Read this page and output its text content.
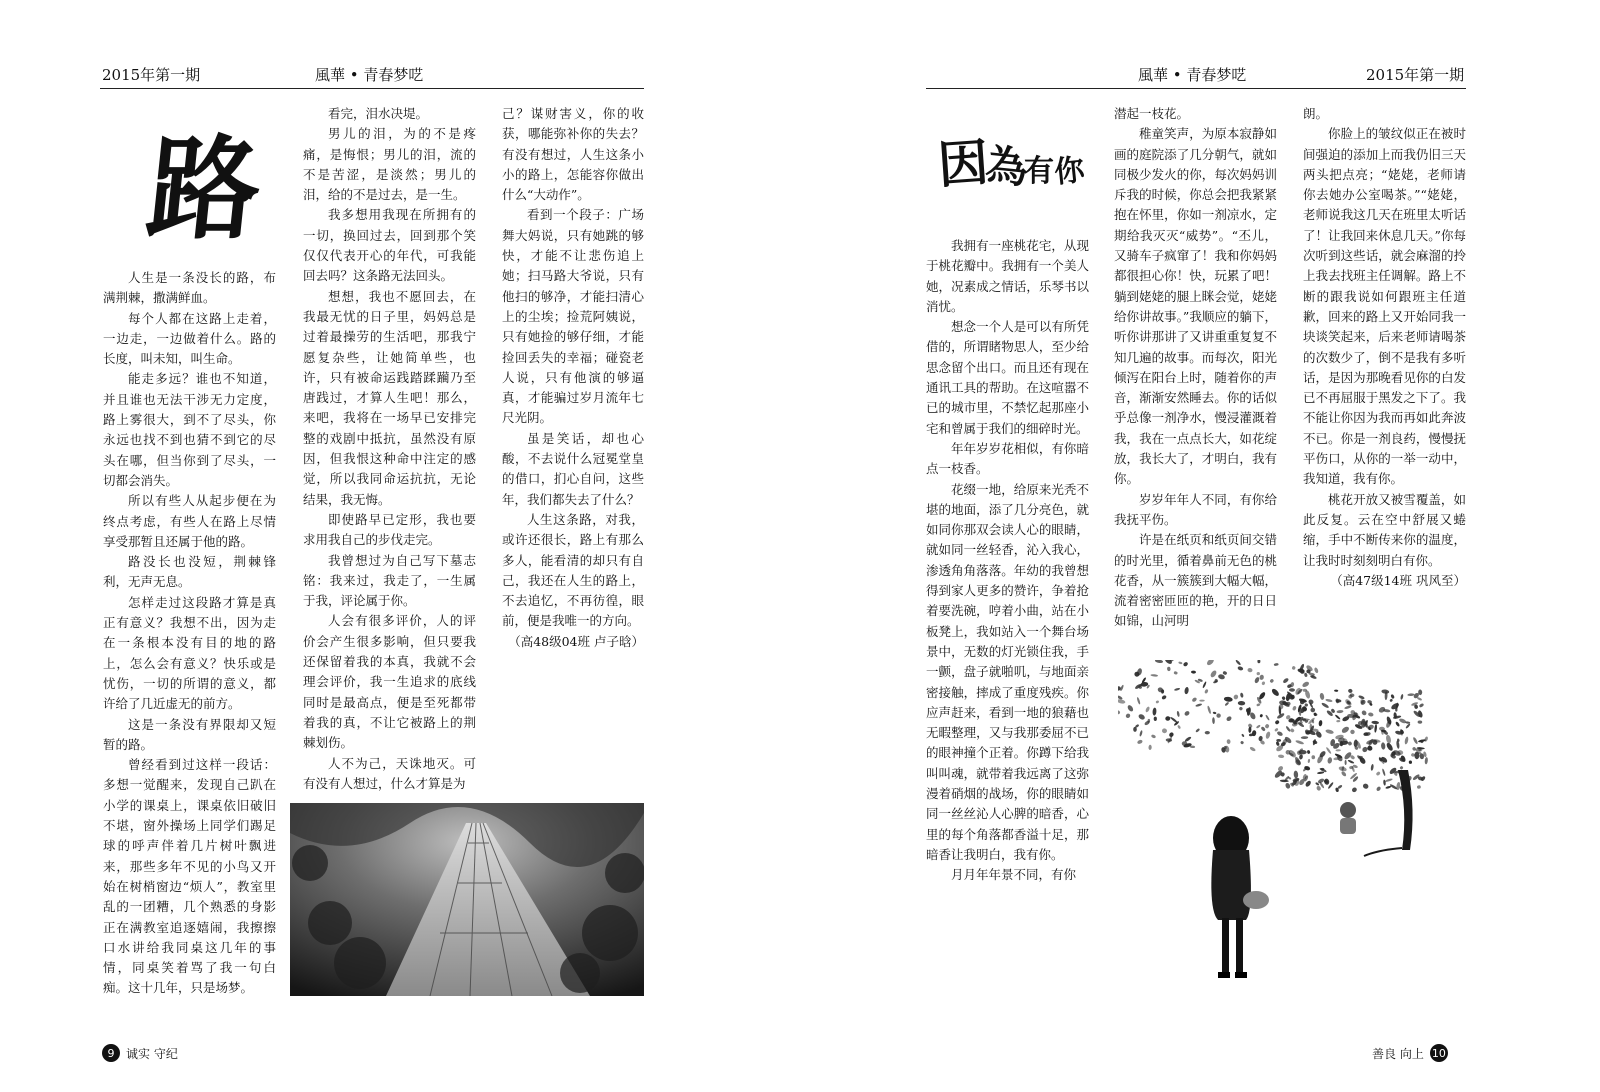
2015年第一期	風華 • 青春梦呓
路

人生是一条没长的路，布满荆棘，撒满鲜血。

每个人都在这路上走着，一边走，一边做着什么。路的长度，叫未知，叫生命。

能走多远？谁也不知道，并且谁也无法干涉无力定度，路上雾很大，到不了尽头，你永远也找不到也猜不到它的尽头在哪，但当你到了尽头，一切都会消失。

所以有些人从起步便在为终点考虑，有些人在路上尽情享受那暂且还属于他的路。

路没长也没短，荆棘锋利，无声无息。

怎样走过这段路才算是真正有意义？我想不出，因为走在一条根本没有目的地的路上，怎么会有意义？快乐或是忧伤，一切的所谓的意义，都许给了几近虚无的前方。

这是一条没有界限却又短暂的路。

曾经看到过这样一段话：多想一觉醒来，发现自己趴在小学的课桌上，课桌依旧破旧不堪，窗外操场上同学们踢足球的呼声伴着几片树叶飘进来，那些多年不见的小鸟又开始在树梢窗边“烦人”，教室里乱的一团糟，几个熟悉的身影正在满教室追逐嬉闹，我擦擦口水讲给我同桌这几年的事情，同桌笑着骂了我一句白痴。这十几年，只是场梦。

看完，泪水决堤。

男儿的泪，为的不是疼痛，是悔恨；男儿的泪，流的不是苦涩，是淡然；男儿的泪，给的不是过去，是一生。

我多想用我现在所拥有的一切，换回过去，回到那个笑仅仅代表开心的年代，可我能回去吗？这条路无法回头。

想想，我也不愿回去，在我最无忧的日子里，妈妈总是过着最操劳的生活吧，那我宁愿复杂些，让她简单些，也许，只有被命运践踏蹂躏乃至唐践过，才算人生吧！那么，来吧，我将在一场早已安排完整的戏剧中抵抗，虽然没有原因，但我恨这种命中注定的感觉，所以我同命运抗抗，无论结果，我无悔。

即使路早已定形，我也要求用我自己的步伐走完。

我曾想过为自己写下墓志铭：我来过，我走了，一生属于我，评论属于你。

人会有很多评价，人的评价会产生很多影响，但只要我还保留着我的本真，我就不会理会评价，我一生追求的底线同时是最高点，便是至死都带着我的真，不让它被路上的荆棘划伤。

人不为己，天诛地灭。可有没有人想过，什么才算是为

己？谋财害义，你的收获，哪能弥补你的失去？有没有想过，人生这条小小的路上，怎能容你做出什么“大动作”。

看到一个段子：广场舞大妈说，只有她跳的够快，才能不让悲伤追上她；扫马路大爷说，只有他扫的够净，才能扫清心上的尘埃；捡荒阿姨说，只有她捡的够仔细，才能捡回丢失的幸福；碰瓷老人说，只有他演的够逼真，才能骗过岁月流年七尺光阴。

虽是笑话，却也心酸，不去说什么冠冕堂皇的借口，扪心自问，这些年，我们都失去了什么？

人生这条路，对我，或许还很长，路上有那么多人，能看清的却只有自己，我还在人生的路上，不去追忆，不再彷徨，眼前，便是我唯一的方向。

（高48级04班 卢子晗）

9 诚实 守纪
風華 • 青春梦呓	2015年第一期
因為有你

我拥有一座桃花宅，从现于桃花瓣中。我拥有一个美人她，况素成之情话，乐琴书以消忧。

想念一个人是可以有所凭借的，所谓睹物思人，至少给思念留个出口。而且还有现在通讯工具的帮助。在这喧嚣不已的城市里，不禁忆起那座小宅和曾属于我们的细碎时光。

年年岁岁花相似，有你暗点一枝香。

花缀一地，给原来光秃不堪的地面，添了几分亮色，就如同你那双会读人心的眼睛，就如同一丝轻香，沁入我心，渗透角角落落。年幼的我曾想得到家人更多的赞许，争着抢着要洗碗，哼着小曲，站在小板凳上，我如站入一个舞台场景中，无数的灯光锁住我，手一颤，盘子就啪叽，与地面亲密接触，摔成了重度残疾。你应声赶来，看到一地的狼藉也无暇整理，又与我那委屈不已的眼神撞个正着。你蹲下给我叫叫魂，就带着我远离了这弥漫着硝烟的战场，你的眼睛如同一丝丝沁人心脾的暗香，心里的每个角落都香溢十足，那暗香让我明白，我有你。

月月年年景不同，有你

潜起一枝花。

稚童笑声，为原本寂静如画的庭院添了几分朝气，就如同极少发火的你，每次妈妈训斥我的时候，你总会把我紧紧抱在怀里，你如一剂凉水，定期给我灭灭“威势”。“丕儿，又骑车子疯窜了！我和你妈妈都很担心你！快，玩累了吧！躺到姥姥的腿上眯会觉，姥姥给你讲故事。”我顺应的躺下，听你讲那讲了又讲重重复复不知几遍的故事。而每次，阳光倾泻在阳台上时，随着你的声音，渐渐安然睡去。你的话似乎总像一剂净水，慢浸灌溉着我，我在一点点长大，如花绽放，我长大了，才明白，我有你。

岁岁年年人不同，有你给我抚平伤。

许是在纸页和纸页间交错的时光里，循着鼻前无色的桃花香，从一簇簇到大幅大幅，流着密密匝匝的艳，开的日日如锦，山河明

朗。

你脸上的皱纹似正在被时间强迫的添加上而我仍旧三天两头把点亮；“姥姥，老师请你去她办公室喝茶。”“姥姥，老师说我这几天在班里太听话了！让我回来休息几天。”你每次听到这些话，就会麻溜的拎上我去找班主任调解。路上不断的跟我说如何跟班主任道歉，回来的路上又开始同我一块谈笑起来，后来老师请喝茶的次数少了，倒不是我有多听话，是因为那晚看见你的白发已不再屈服于黑发之下了。我不能让你因为我而再如此奔波不已。你是一剂良药，慢慢抚平伤口，从你的一举一动中，我知道，我有你。

桃花开放又被雪覆盖，如此反复。云在空中舒展又蜷缩，手中不断传来你的温度，让我时时刻刻明白有你。

（高47级14班 巩风至）

善良 向上 10
